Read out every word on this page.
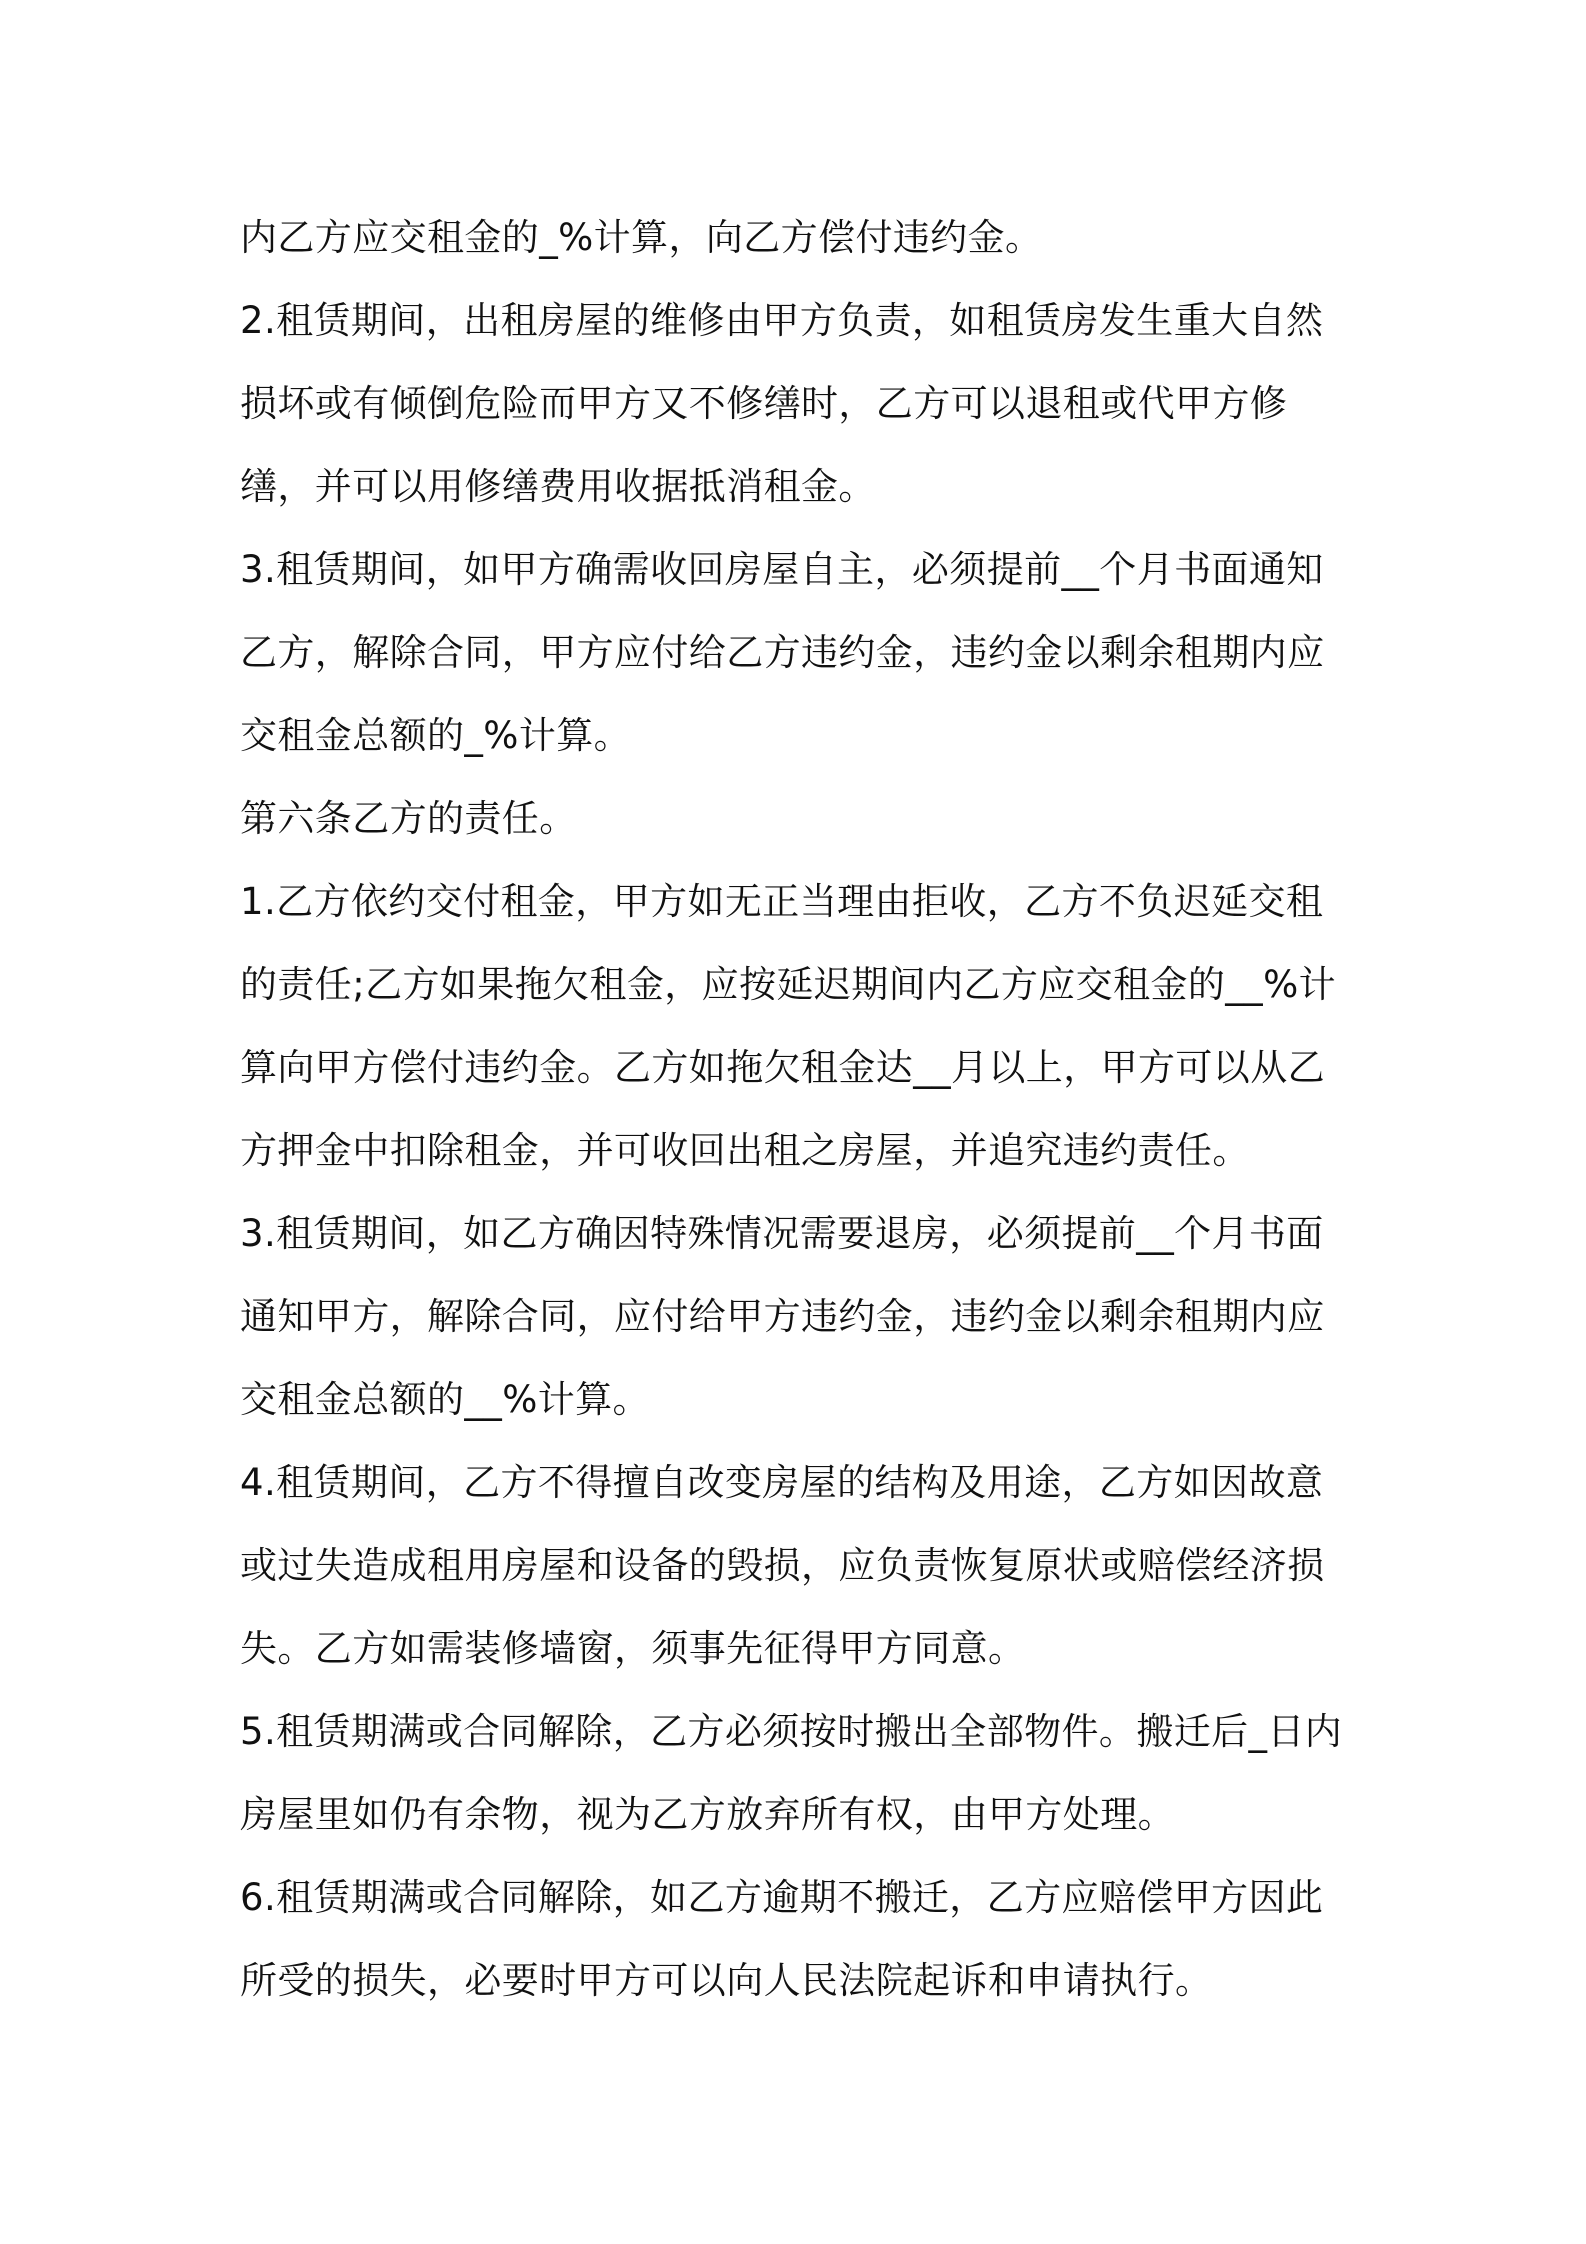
内乙方应交租金的_%计算，向乙方偿付违约金。

2.租赁期间，出租房屋的维修由甲方负责，如租赁房发生重大自然损坏或有倾倒危险而甲方又不修缮时，乙方可以退租或代甲方修缮，并可以用修缮费用收据抵消租金。

3.租赁期间，如甲方确需收回房屋自主，必须提前__个月书面通知乙方，解除合同，甲方应付给乙方违约金，违约金以剩余租期内应交租金总额的_%计算。

第六条乙方的责任。

1.乙方依约交付租金，甲方如无正当理由拒收，乙方不负迟延交租的责任;乙方如果拖欠租金，应按延迟期间内乙方应交租金的__%计算向甲方偿付违约金。乙方如拖欠租金达__月以上，甲方可以从乙方押金中扣除租金，并可收回出租之房屋，并追究违约责任。

3.租赁期间，如乙方确因特殊情况需要退房，必须提前__个月书面通知甲方，解除合同，应付给甲方违约金，违约金以剩余租期内应交租金总额的__%计算。

4.租赁期间，乙方不得擅自改变房屋的结构及用途，乙方如因故意或过失造成租用房屋和设备的毁损，应负责恢复原状或赔偿经济损失。乙方如需装修墙窗，须事先征得甲方同意。

5.租赁期满或合同解除，乙方必须按时搬出全部物件。搬迁后_日内房屋里如仍有余物，视为乙方放弃所有权，由甲方处理。

6.租赁期满或合同解除，如乙方逾期不搬迁，乙方应赔偿甲方因此所受的损失，必要时甲方可以向人民法院起诉和申请执行。
